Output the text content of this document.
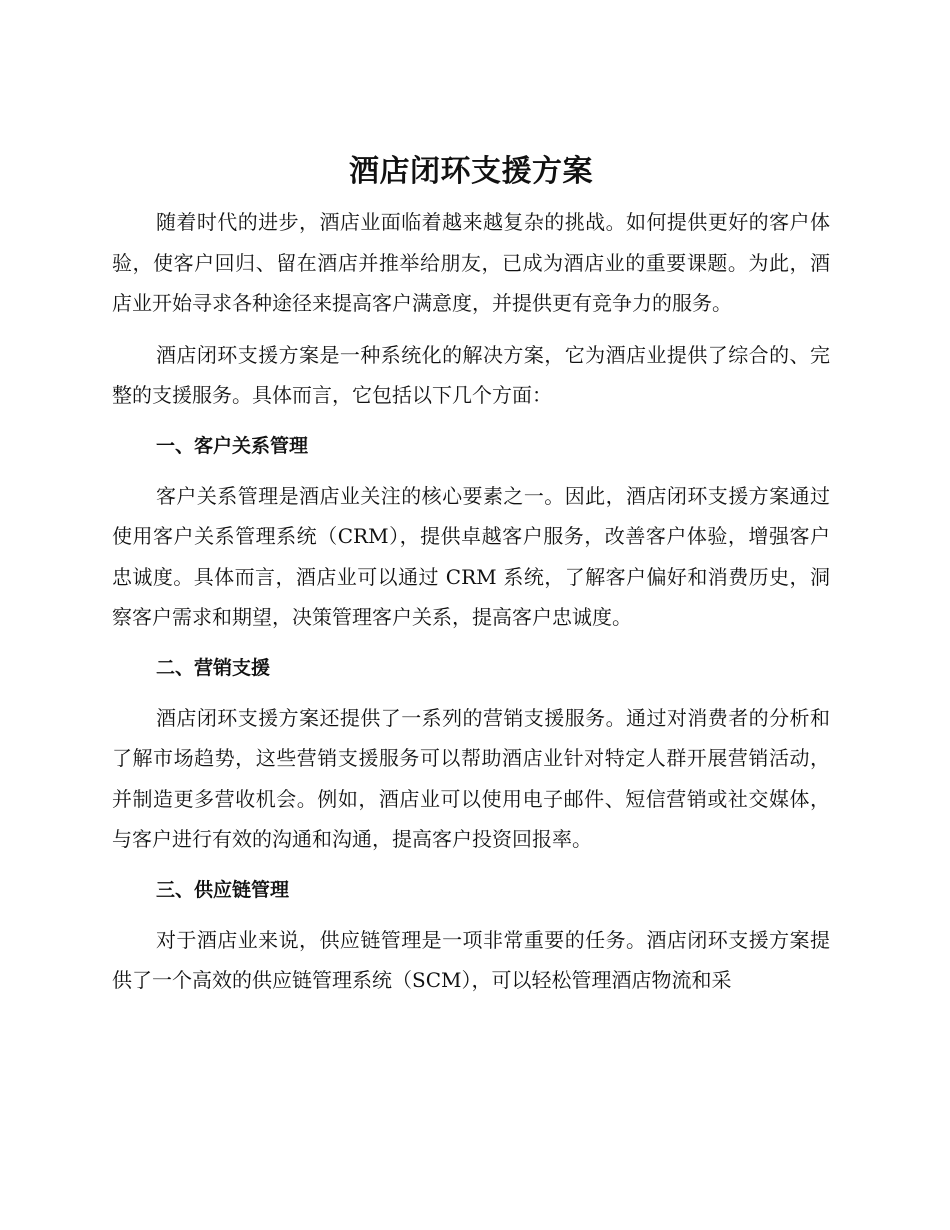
酒店闭环支援方案

随着时代的进步，酒店业面临着越来越复杂的挑战。如何提供更好的客户体验，使客户回归、留在酒店并推举给朋友，已成为酒店业的重要课题。为此，酒店业开始寻求各种途径来提高客户满意度，并提供更有竞争力的服务。

酒店闭环支援方案是一种系统化的解决方案，它为酒店业提供了综合的、完整的支援服务。具体而言，它包括以下几个方面：

一、客户关系管理

客户关系管理是酒店业关注的核心要素之一。因此，酒店闭环支援方案通过使用客户关系管理系统（CRM），提供卓越客户服务，改善客户体验，增强客户忠诚度。具体而言，酒店业可以通过 CRM 系统，了解客户偏好和消费历史，洞察客户需求和期望，决策管理客户关系，提高客户忠诚度。

二、营销支援

酒店闭环支援方案还提供了一系列的营销支援服务。通过对消费者的分析和了解市场趋势，这些营销支援服务可以帮助酒店业针对特定人群开展营销活动，并制造更多营收机会。例如，酒店业可以使用电子邮件、短信营销或社交媒体，与客户进行有效的沟通和沟通，提高客户投资回报率。

三、供应链管理

对于酒店业来说，供应链管理是一项非常重要的任务。酒店闭环支援方案提供了一个高效的供应链管理系统（SCM），可以轻松管理酒店物流和采
